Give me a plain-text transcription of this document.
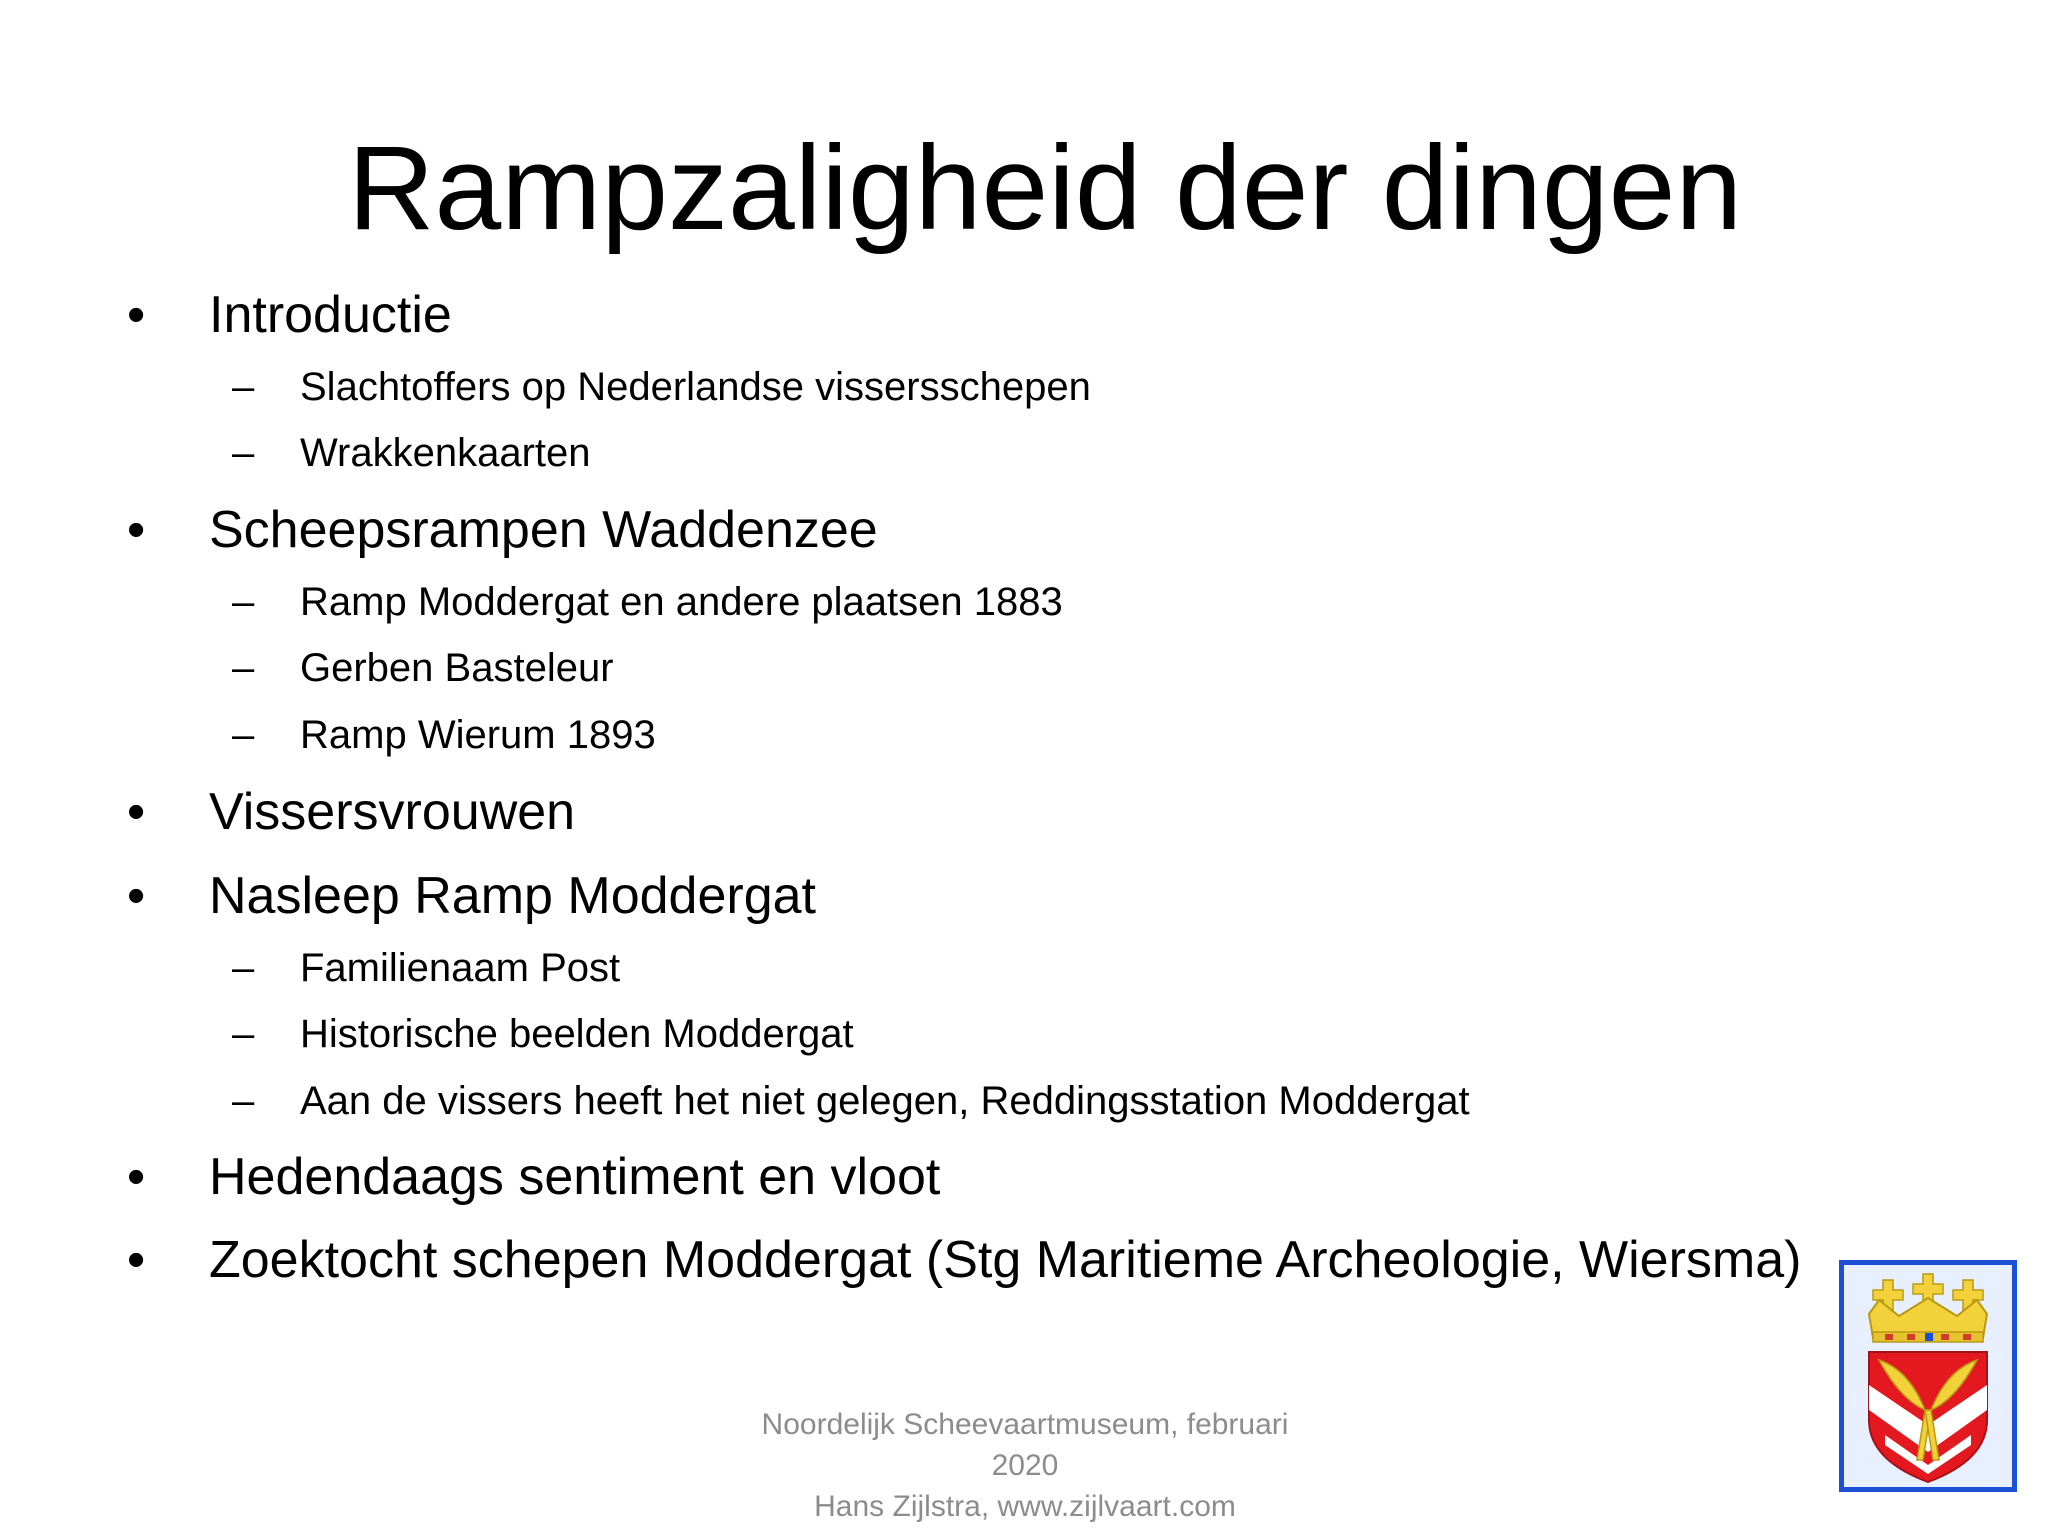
Rampzaligheid der dingen
•	Introductie
–	Slachtoffers op Nederlandse vissersschepen
–	Wrakkenkaarten
•	Scheepsrampen Waddenzee
–	Ramp Moddergat en andere plaatsen 1883
–	Gerben Basteleur
–	Ramp Wierum 1893
•	Vissersvrouwen
•	Nasleep Ramp Moddergat
–	Familienaam Post
–	Historische beelden Moddergat
–	Aan de vissers heeft het niet gelegen, Reddingsstation Moddergat
•	Hedendaags sentiment en vloot
•	Zoektocht schepen Moddergat (Stg Maritieme Archeologie, Wiersma)
Noordelijk Scheevaartmuseum, februari
2020
Hans Zijlstra, www.zijlvaart.com
